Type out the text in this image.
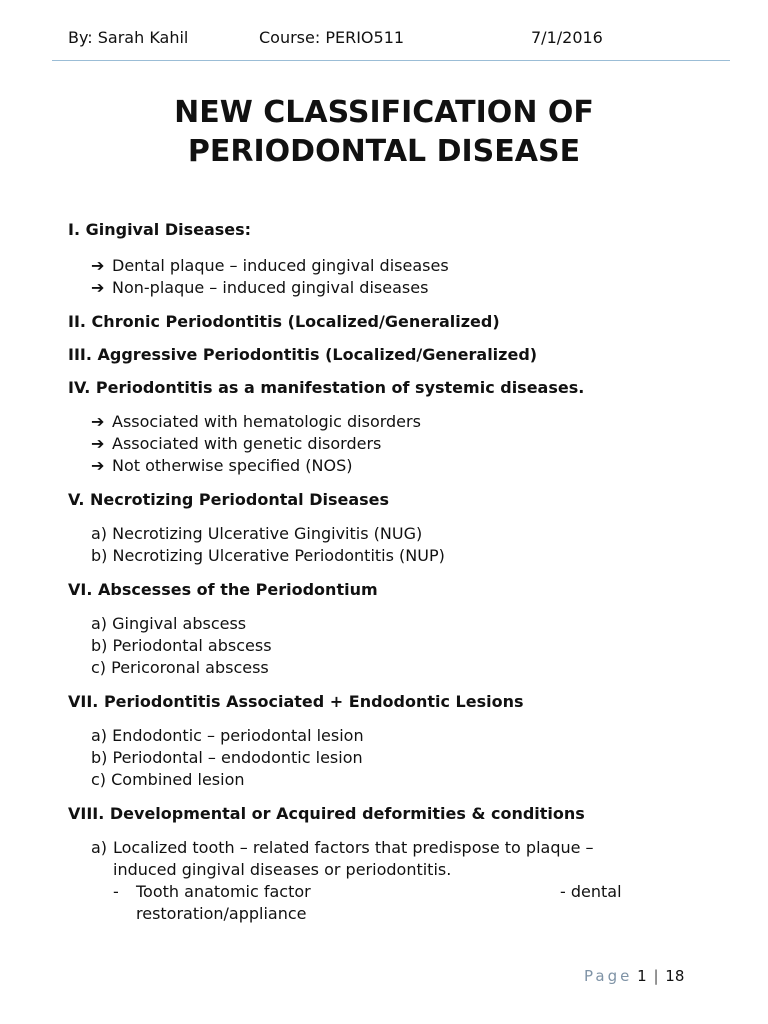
By: Sarah Kahil	Course: PERIO511	7/1/2016
NEW CLASSIFICATION OF
PERIODONTAL DISEASE
I. Gingival Diseases:
➔ Dental plaque – induced gingival diseases
➔ Non-plaque – induced gingival diseases
II. Chronic Periodontitis (Localized/Generalized)
III. Aggressive Periodontitis (Localized/Generalized)
IV. Periodontitis as a manifestation of systemic diseases.
➔ Associated with hematologic disorders
➔ Associated with genetic disorders
➔ Not otherwise specified (NOS)
V. Necrotizing Periodontal Diseases
a) Necrotizing Ulcerative Gingivitis (NUG)
b) Necrotizing Ulcerative Periodontitis (NUP)
VI. Abscesses of the Periodontium
a) Gingival abscess
b) Periodontal abscess
c) Pericoronal abscess
VII. Periodontitis Associated + Endodontic Lesions
a) Endodontic – periodontal lesion
b) Periodontal – endodontic lesion
c) Combined lesion
VIII. Developmental or Acquired deformities & conditions
a) Localized tooth – related factors that predispose to plaque –
induced gingival diseases or periodontitis.
- Tooth anatomic factor	- dental
restoration/appliance
Page 1 | 18
